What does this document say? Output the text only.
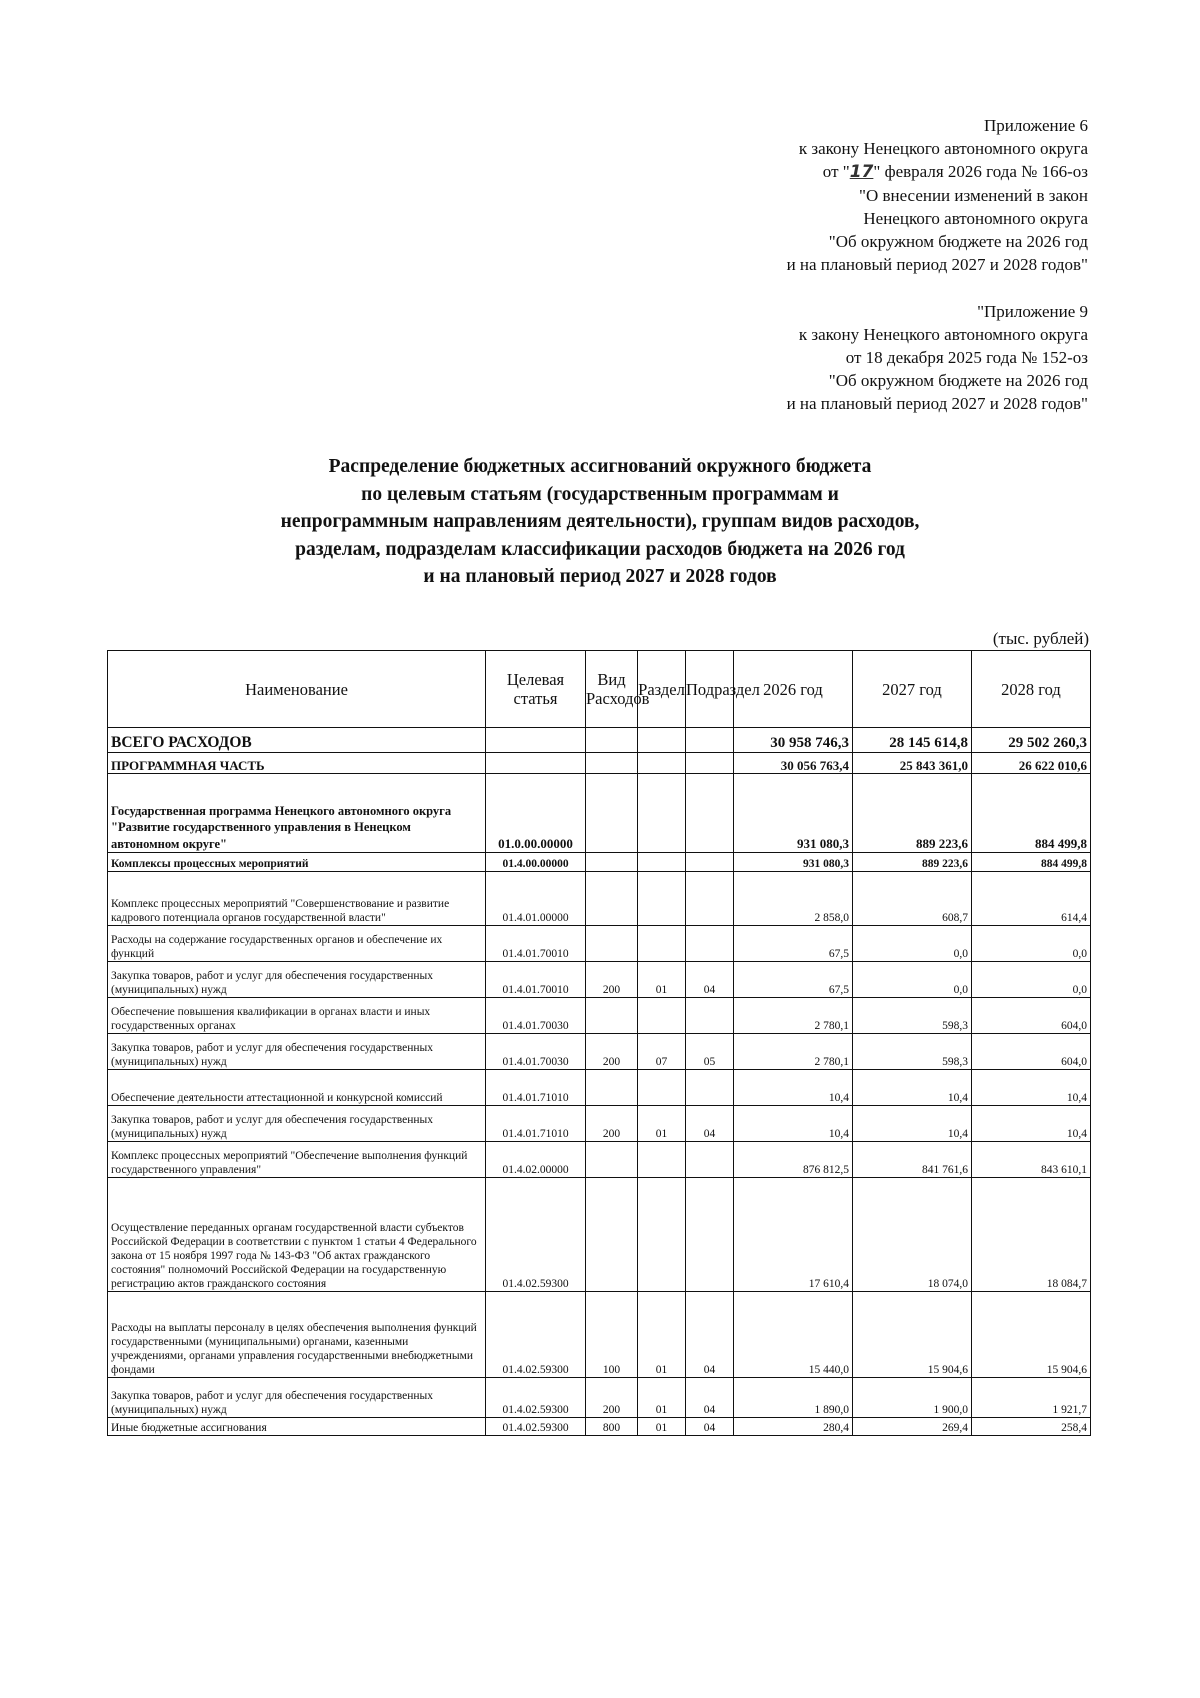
Приложение 6
к закону Ненецкого автономного округа
от "17" февраля 2026 года № 166-оз
"О внесении изменений в закон
Ненецкого автономного округа
"Об окружном бюджете на 2026 год
и на плановый период 2027 и 2028 годов"
"Приложение 9
к закону Ненецкого автономного округа
от 18 декабря 2025 года № 152-оз
"Об окружном бюджете на 2026 год
и на плановый период 2027 и 2028 годов"
Распределение бюджетных ассигнований окружного бюджета
по целевым статьям (государственным программам и
непрограммным направлениям деятельности), группам видов расходов,
разделам, подразделам классификации расходов бюджета на 2026 год
и на плановый период 2027 и 2028 годов
(тыс. рублей)
Наименование	Целевая статья	Вид Расходов	Раздел	Подраздел	2026 год	2027 год	2028 год
ВСЕГО РАСХОДОВ					30 958 746,3	28 145 614,8	29 502 260,3
ПРОГРАММНАЯ ЧАСТЬ					30 056 763,4	25 843 361,0	26 622 010,6
Государственная программа Ненецкого автономного округа "Развитие государственного управления в Ненецком автономном округе"	01.0.00.00000				931 080,3	889 223,6	884 499,8
Комплексы процессных мероприятий	01.4.00.00000				931 080,3	889 223,6	884 499,8
Комплекс процессных мероприятий "Совершенствование и развитие кадрового потенциала органов государственной власти"	01.4.01.00000				2 858,0	608,7	614,4
Расходы на содержание государственных органов и обеспечение их функций	01.4.01.70010				67,5	0,0	0,0
Закупка товаров, работ и услуг для обеспечения государственных (муниципальных) нужд	01.4.01.70010	200	01	04	67,5	0,0	0,0
Обеспечение повышения квалификации в органах власти и иных государственных органах	01.4.01.70030				2 780,1	598,3	604,0
Закупка товаров, работ и услуг для обеспечения государственных (муниципальных) нужд	01.4.01.70030	200	07	05	2 780,1	598,3	604,0
Обеспечение деятельности аттестационной и конкурсной комиссий	01.4.01.71010				10,4	10,4	10,4
Закупка товаров, работ и услуг для обеспечения государственных (муниципальных) нужд	01.4.01.71010	200	01	04	10,4	10,4	10,4
Комплекс процессных мероприятий "Обеспечение выполнения функций государственного управления"	01.4.02.00000				876 812,5	841 761,6	843 610,1
Осуществление переданных органам государственной власти субъектов Российской Федерации в соответствии с пунктом 1 статьи 4 Федерального закона от 15 ноября 1997 года № 143-ФЗ "Об актах гражданского состояния" полномочий Российской Федерации на государственную регистрацию актов гражданского состояния	01.4.02.59300				17 610,4	18 074,0	18 084,7
Расходы на выплаты персоналу в целях обеспечения выполнения функций государственными (муниципальными) органами, казенными учреждениями, органами управления государственными внебюджетными фондами	01.4.02.59300	100	01	04	15 440,0	15 904,6	15 904,6
Закупка товаров, работ и услуг для обеспечения государственных (муниципальных) нужд	01.4.02.59300	200	01	04	1 890,0	1 900,0	1 921,7
Иные бюджетные ассигнования	01.4.02.59300	800	01	04	280,4	269,4	258,4
